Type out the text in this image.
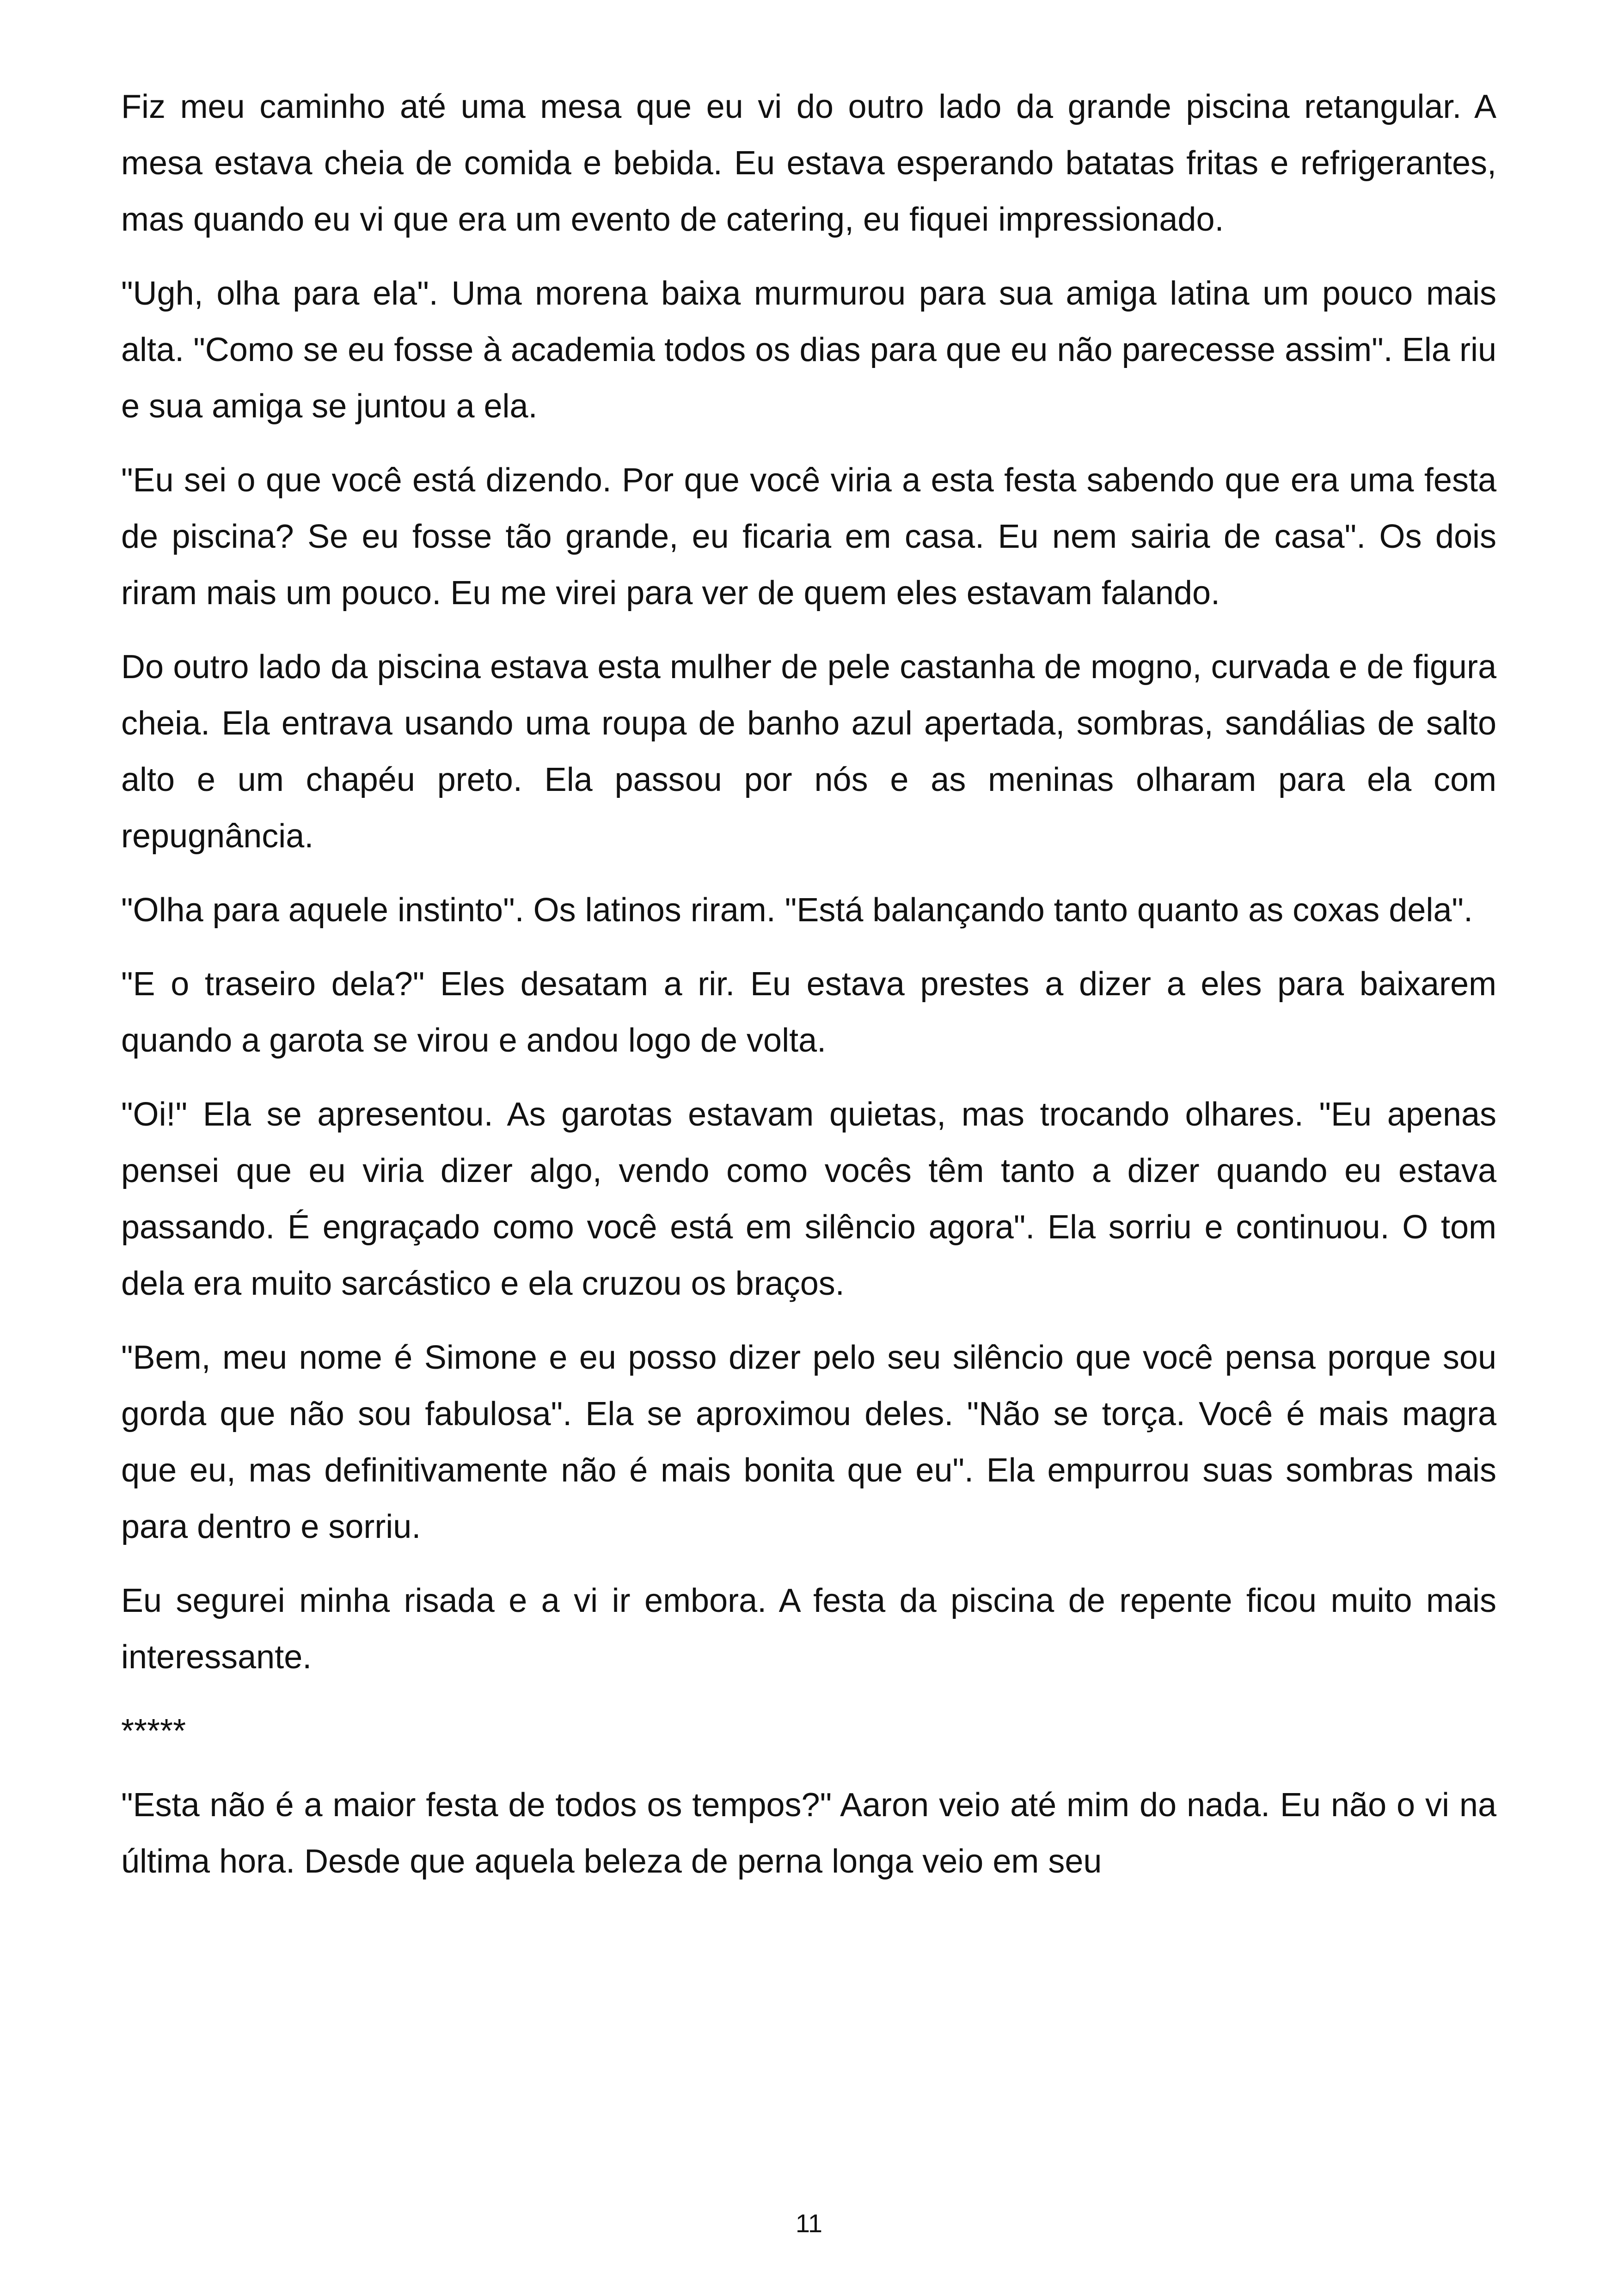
Fiz meu caminho até uma mesa que eu vi do outro lado da grande piscina retangular. A mesa estava cheia de comida e bebida. Eu estava esperando batatas fritas e refrigerantes, mas quando eu vi que era um evento de catering, eu fiquei impressionado.

"Ugh, olha para ela". Uma morena baixa murmurou para sua amiga latina um pouco mais alta. "Como se eu fosse à academia todos os dias para que eu não parecesse assim". Ela riu e sua amiga se juntou a ela.

"Eu sei o que você está dizendo. Por que você viria a esta festa sabendo que era uma festa de piscina? Se eu fosse tão grande, eu ficaria em casa. Eu nem sairia de casa". Os dois riram mais um pouco. Eu me virei para ver de quem eles estavam falando.

Do outro lado da piscina estava esta mulher de pele castanha de mogno, curvada e de figura cheia. Ela entrava usando uma roupa de banho azul apertada, sombras, sandálias de salto alto e um chapéu preto. Ela passou por nós e as meninas olharam para ela com repugnância.

"Olha para aquele instinto". Os latinos riram. "Está balançando tanto quanto as coxas dela".

"E o traseiro dela?" Eles desatam a rir. Eu estava prestes a dizer a eles para baixarem quando a garota se virou e andou logo de volta.

"Oi!" Ela se apresentou. As garotas estavam quietas, mas trocando olhares. "Eu apenas pensei que eu viria dizer algo, vendo como vocês têm tanto a dizer quando eu estava passando. É engraçado como você está em silêncio agora". Ela sorriu e continuou. O tom dela era muito sarcástico e ela cruzou os braços.

"Bem, meu nome é Simone e eu posso dizer pelo seu silêncio que você pensa porque sou gorda que não sou fabulosa". Ela se aproximou deles. "Não se torça. Você é mais magra que eu, mas definitivamente não é mais bonita que eu". Ela empurrou suas sombras mais para dentro e sorriu.

Eu segurei minha risada e a vi ir embora. A festa da piscina de repente ficou muito mais interessante.

*****

"Esta não é a maior festa de todos os tempos?" Aaron veio até mim do nada. Eu não o vi na última hora. Desde que aquela beleza de perna longa veio em seu

11
